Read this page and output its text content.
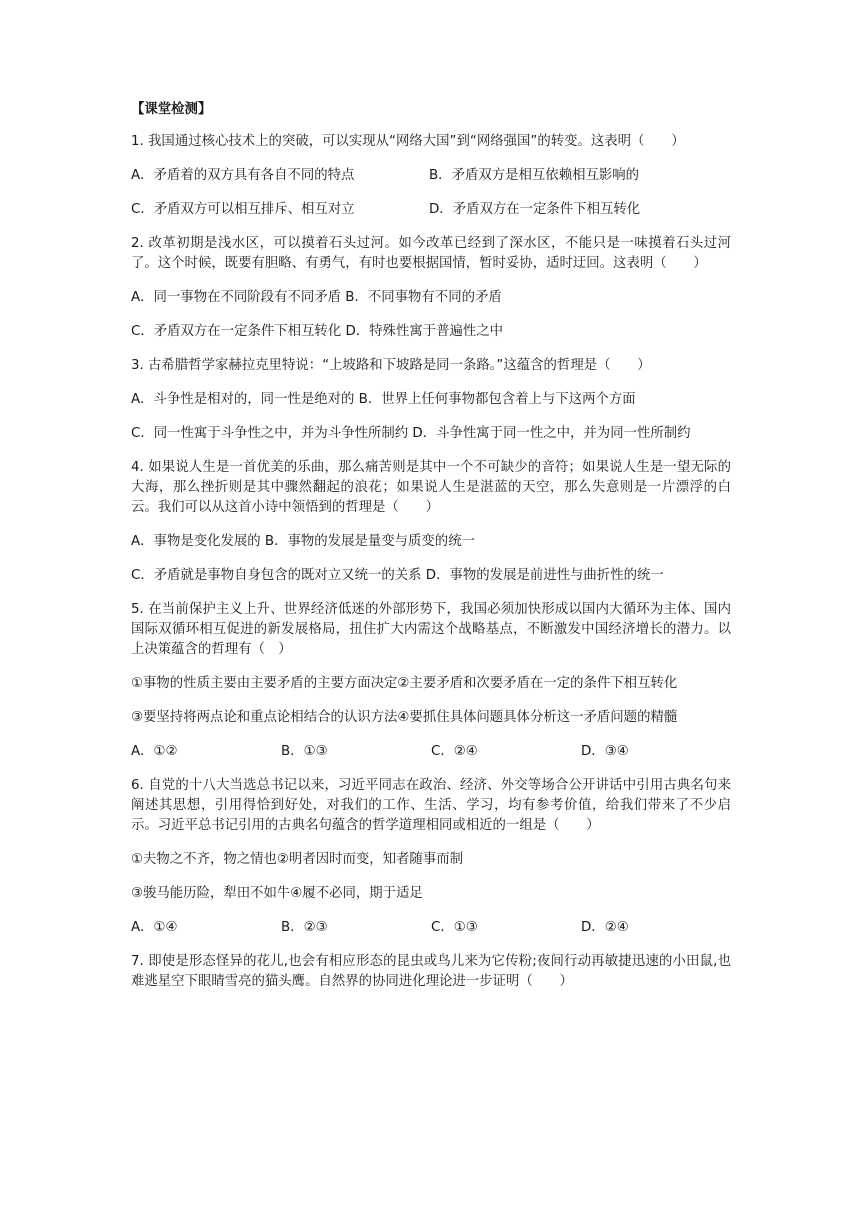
【课堂检测】

1. 我国通过核心技术上的突破，可以实现从“网络大国”到“网络强国”的转变。这表明（　　）

A．矛盾着的双方具有各自不同的特点	B．矛盾双方是相互依赖相互影响的
C．矛盾双方可以相互排斥、相互对立	D．矛盾双方在一定条件下相互转化

2. 改革初期是浅水区，可以摸着石头过河。如今改革已经到了深水区，不能只是一味摸着石头过河了。这个时候，既要有胆略、有勇气，有时也要根据国情，暂时妥协，适时迂回。这表明（　　）

A．同一事物在不同阶段有不同矛盾 B．不同事物有不同的矛盾

C．矛盾双方在一定条件下相互转化 D．特殊性寓于普遍性之中

3. 古希腊哲学家赫拉克里特说：“上坡路和下坡路是同一条路。”这蕴含的哲理是（　　）

A．斗争性是相对的，同一性是绝对的 B．世界上任何事物都包含着上与下这两个方面

C．同一性寓于斗争性之中，并为斗争性所制约 D．斗争性寓于同一性之中，并为同一性所制约

4. 如果说人生是一首优美的乐曲，那么痛苦则是其中一个不可缺少的音符；如果说人生是一望无际的大海，那么挫折则是其中骤然翻起的浪花；如果说人生是湛蓝的天空，那么失意则是一片漂浮的白云。我们可以从这首小诗中领悟到的哲理是（　　）

A．事物是变化发展的 B．事物的发展是量变与质变的统一

C．矛盾就是事物自身包含的既对立又统一的关系 D．事物的发展是前进性与曲折性的统一

5. 在当前保护主义上升、世界经济低迷的外部形势下，我国必须加快形成以国内大循环为主体、国内国际双循环相互促进的新发展格局，扭住扩大内需这个战略基点，不断激发中国经济增长的潜力。以上决策蕴含的哲理有（　）

①事物的性质主要由主要矛盾的主要方面决定②主要矛盾和次要矛盾在一定的条件下相互转化

③要坚持将两点论和重点论相结合的认识方法④要抓住具体问题具体分析这一矛盾问题的精髓

A．①②	B．①③	C．②④	D．③④

6. 自党的十八大当选总书记以来，习近平同志在政治、经济、外交等场合公开讲话中引用古典名句来阐述其思想，引用得恰到好处，对我们的工作、生活、学习，均有参考价值，给我们带来了不少启示。习近平总书记引用的古典名句蕴含的哲学道理相同或相近的一组是（　　）

①夫物之不齐，物之情也②明者因时而变，知者随事而制

③骏马能历险，犁田不如牛④履不必同，期于适足

A．①④	B．②③	C．①③	D．②④

7. 即使是形态怪异的花儿,也会有相应形态的昆虫或鸟儿来为它传粉;夜间行动再敏捷迅速的小田鼠,也难逃星空下眼睛雪亮的猫头鹰。自然界的协同进化理论进一步证明（　　）
